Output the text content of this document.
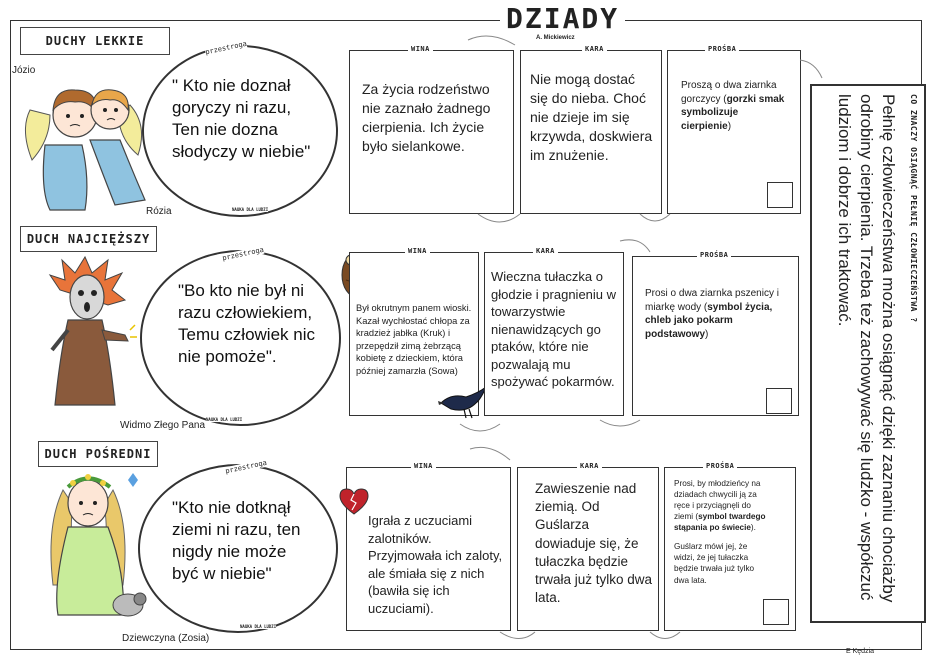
DZIADY
A. Mickiewicz
DUCHY LEKKIE
Józio
Rózia
przestroga
NAUKA DLA LUDZI
" Kto nie doznał goryczy ni razu, Ten nie dozna słodyczy w niebie"
WINA
Za życia rodzeństwo nie zaznało żadnego cierpienia. Ich życie było sielankowe.
KARA
Nie mogą dostać się do nieba. Choć nie dzieje im się krzywda, doskwiera im znużenie.
PROŚBA
Proszą o dwa ziarnka gorczycy (gorzki smak symbolizuje cierpienie)
DUCH NAJCIĘŻSZY
Widmo Złego Pana
przestroga
NAUKA DLA LUDZI
"Bo kto nie był ni razu człowiekiem, Temu człowiek nic nie pomoże".
WINA
Był okrutnym panem wioski. Kazał wychłostać chłopa za kradzież jabłka (Kruk) i przepędził zimą żebrzącą kobietę z dzieckiem, która później zamarzła (Sowa)
KARA
Wieczna tułaczka o głodzie i pragnieniu w towarzystwie nienawidzących go ptaków, które nie pozwalają mu spożywać pokarmów.
PROŚBA
Prosi o dwa ziarnka pszenicy i miarkę wody (symbol życia, chleb jako pokarm podstawowy)
DUCH POŚREDNI
Dziewczyna (Zosia)
przestroga
NAUKA DLA LUDZI
"Kto nie dotknął ziemi ni razu, ten nigdy nie może być w niebie"
WINA
Igrała z uczuciami zalotników. Przyjmowała ich zaloty, ale śmiała się z nich (bawiła się ich uczuciami).
KARA
Zawieszenie nad ziemią. Od Guślarza dowiaduje się, że tułaczka będzie trwała już tylko dwa lata.
PROŚBA
Prosi, by młodzieńcy na dziadach chwycili ją za ręce i przyciągnęli do ziemi (symbol twardego stąpania po świecie).
Guślarz mówi jej, że widzi, że jej tułaczka będzie trwała już tylko dwa lata.
CO ZNACZY OSIĄGNĄĆ PEŁNIĘ CZŁOWIECZEŃSTWA ?
Pełnię człowieczeństwa można osiągnąć dzięki zaznaniu chociażby odrobiny cierpienia. Trzeba też zachowywać się ludzko - współczuć ludziom i dobrze ich traktować.
E Kędzia
